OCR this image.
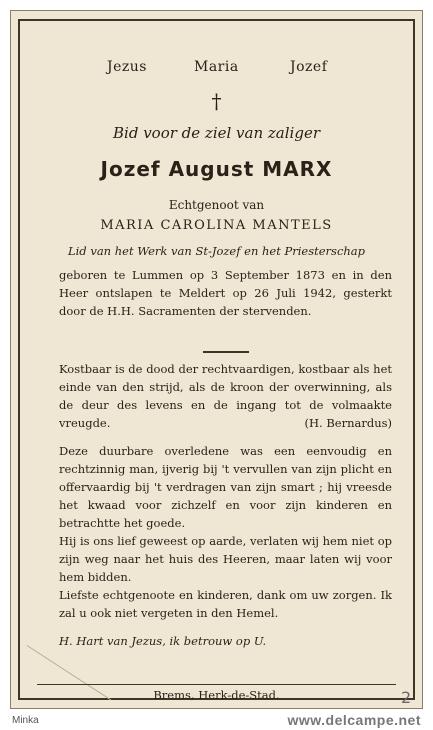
Jezus	Maria	Jozef
†
Bid voor de ziel van zaliger
Jozef August MARX
Echtgenoot van
MARIA CAROLINA MANTELS
Lid van het Werk van St-Jozef en het Priesterschap

geboren te Lummen op 3 September 1873 en in den Heer ontslapen te Meldert op 26 Juli 1942, gesterkt door de H.H. Sacramenten der stervenden.

Kostbaar is de dood der rechtvaardigen, kostbaar als het einde van den strijd, als de kroon der overwinning, als de deur des levens en de ingang tot de volmaakte vreugde.	(H. Bernardus)

Deze duurbare overledene was een eenvoudig en rechtzinnig man, ijverig bij 't vervullen van zijn plicht en offervaardig bij 't verdragen van zijn smart ; hij vreesde het kwaad voor zichzelf en voor zijn kinderen en betrachtte het goede.

Hij is ons lief geweest op aarde, verlaten wij hem niet op zijn weg naar het huis des Heeren, maar laten wij voor hem bidden.

Liefste echtgenoote en kinderen, dank om uw zorgen. Ik zal u ook niet vergeten in den Hemel.

H. Hart van Jezus, ik betrouw op U.

Brems, Herk-de-Stad.	2
Minka	www.delcampe.net
